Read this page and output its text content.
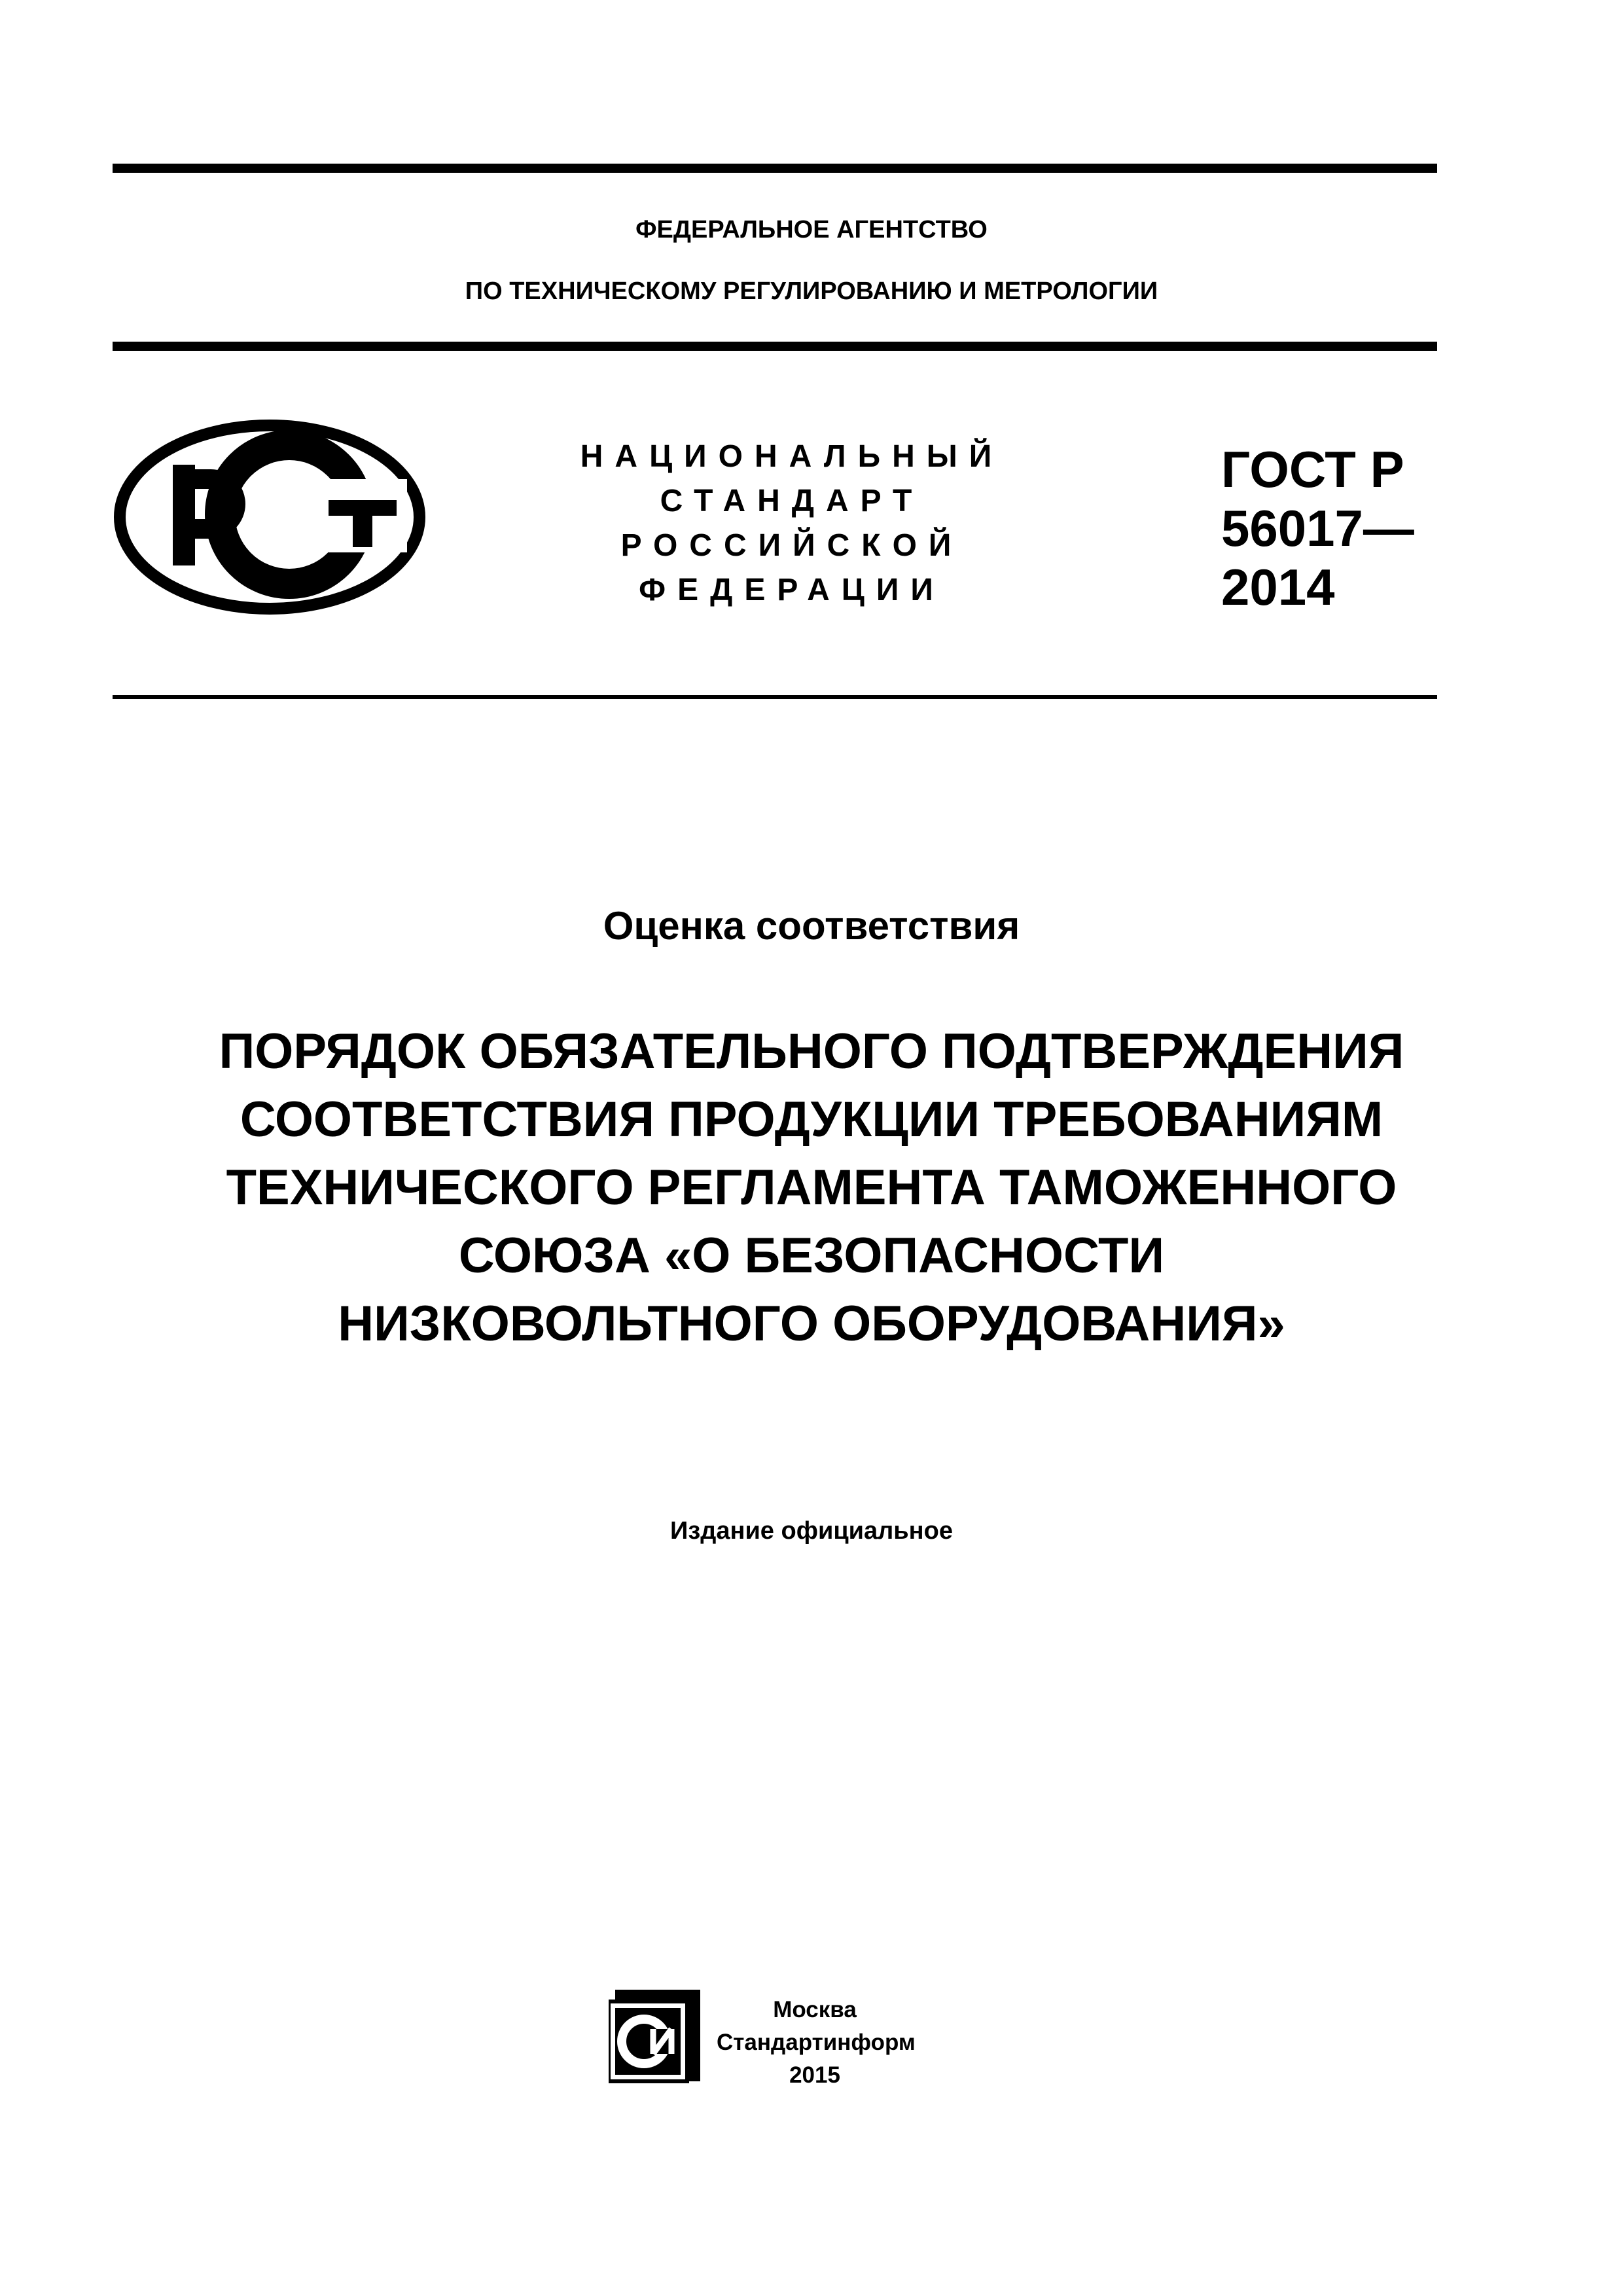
ФЕДЕРАЛЬНОЕ АГЕНТСТВО
ПО ТЕХНИЧЕСКОМУ РЕГУЛИРОВАНИЮ И МЕТРОЛОГИИ
НАЦИОНАЛЬНЫЙ
СТАНДАРТ
РОССИЙСКОЙ
ФЕДЕРАЦИИ
ГОСТ Р
56017—
2014
Оценка соответствия
ПОРЯДОК ОБЯЗАТЕЛЬНОГО ПОДТВЕРЖДЕНИЯ
СООТВЕТСТВИЯ ПРОДУКЦИИ ТРЕБОВАНИЯМ
ТЕХНИЧЕСКОГО РЕГЛАМЕНТА ТАМОЖЕННОГО
СОЮЗА «О БЕЗОПАСНОСТИ
НИЗКОВОЛЬТНОГО ОБОРУДОВАНИЯ»
Издание официальное
Москва
Стандартинформ
2015
